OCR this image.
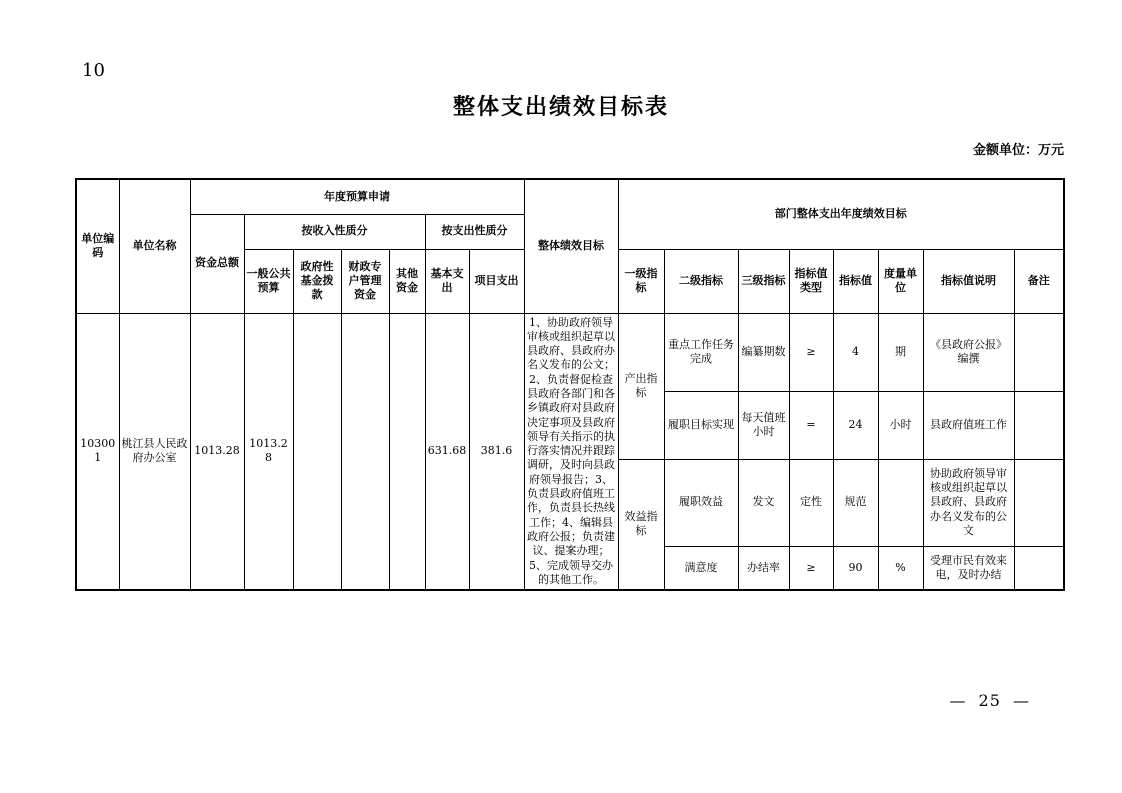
10
整体支出绩效目标表
金额单位：万元
单位编码	单位名称	年度预算申请							整体绩效目标	部门整体支出年度绩效目标							
		资金总额	按收入性质分				按支出性质分										
			一般公共预算	政府性基金拨款	财政专户管理资金	其他资金	基本支出	项目支出		一级指标	二级指标	三级指标	指标值类型	指标值	度量单位	指标值说明	备注
103001	桃江县人民政府办公室	1013.28	1013.28				631.68	381.6	1、协助政府领导审核或组织起草以县政府、县政府办名义发布的公文；2、负责督促检查县政府各部门和各乡镇政府对县政府决定事项及县政府领导有关指示的执行落实情况并跟踪调研，及时向县政府领导报告；3、负责县政府值班工作，负责县长热线工作；4、编辑县政府公报；负责建议、提案办理；5、完成领导交办的其他工作。	产出指标	重点工作任务完成	编纂期数	≥	4	期	《县政府公报》编撰	
											履职目标实现	每天值班小时	=	24	小时	县政府值班工作	
										效益指标	履职效益	发文	定性	规范		协助政府领导审核或组织起草以县政府、县政府办名义发布的公文	
											满意度	办结率	≥	90	%	受理市民有效来电，及时办结	
— 25 —
